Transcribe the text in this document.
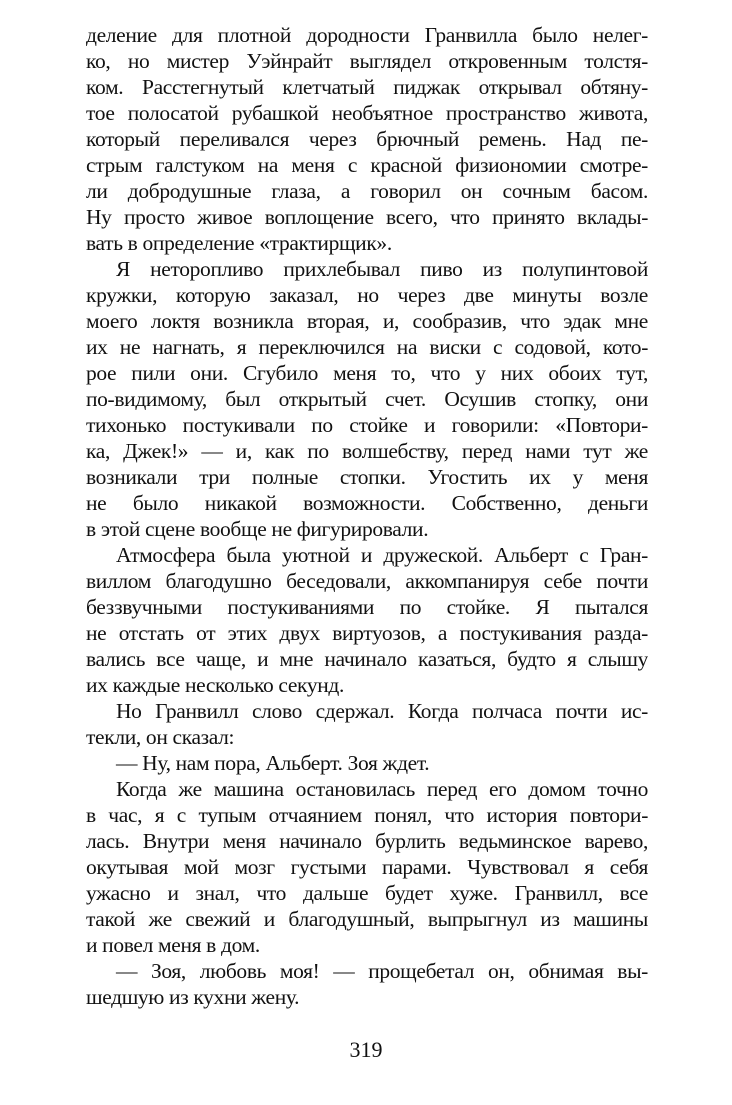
деление для плотной дородности Гранвилла было нелег-
ко, но мистер Уэйнрайт выглядел откровенным толстя-
ком. Расстегнутый клетчатый пиджак открывал обтяну-
тое полосатой рубашкой необъятное пространство живота,
который переливался через брючный ремень. Над пе-
стрым галстуком на меня с красной физиономии смотре-
ли добродушные глаза, а говорил он сочным басом.
Ну просто живое воплощение всего, что принято вклады-
вать в определение «трактирщик».
Я неторопливо прихлебывал пиво из полупинтовой
кружки, которую заказал, но через две минуты возле
моего локтя возникла вторая, и, сообразив, что эдак мне
их не нагнать, я переключился на виски с содовой, кото-
рое пили они. Сгубило меня то, что у них обоих тут,
по-видимому, был открытый счет. Осушив стопку, они
тихонько постукивали по стойке и говорили: «Повтори-
ка, Джек!» — и, как по волшебству, перед нами тут же
возникали три полные стопки. Угостить их у меня
не было никакой возможности. Собственно, деньги
в этой сцене вообще не фигурировали.
Атмосфера была уютной и дружеской. Альберт с Гран-
виллом благодушно беседовали, аккомпанируя себе почти
беззвучными постукиваниями по стойке. Я пытался
не отстать от этих двух виртуозов, а постукивания разда-
вались все чаще, и мне начинало казаться, будто я слышу
их каждые несколько секунд.
Но Гранвилл слово сдержал. Когда полчаса почти ис-
текли, он сказал:
— Ну, нам пора, Альберт. Зоя ждет.
Когда же машина остановилась перед его домом точно
в час, я с тупым отчаянием понял, что история повтори-
лась. Внутри меня начинало бурлить ведьминское варево,
окутывая мой мозг густыми парами. Чувствовал я себя
ужасно и знал, что дальше будет хуже. Гранвилл, все
такой же свежий и благодушный, выпрыгнул из машины
и повел меня в дом.
— Зоя, любовь моя! — прощебетал он, обнимая вы-
шедшую из кухни жену.
319
